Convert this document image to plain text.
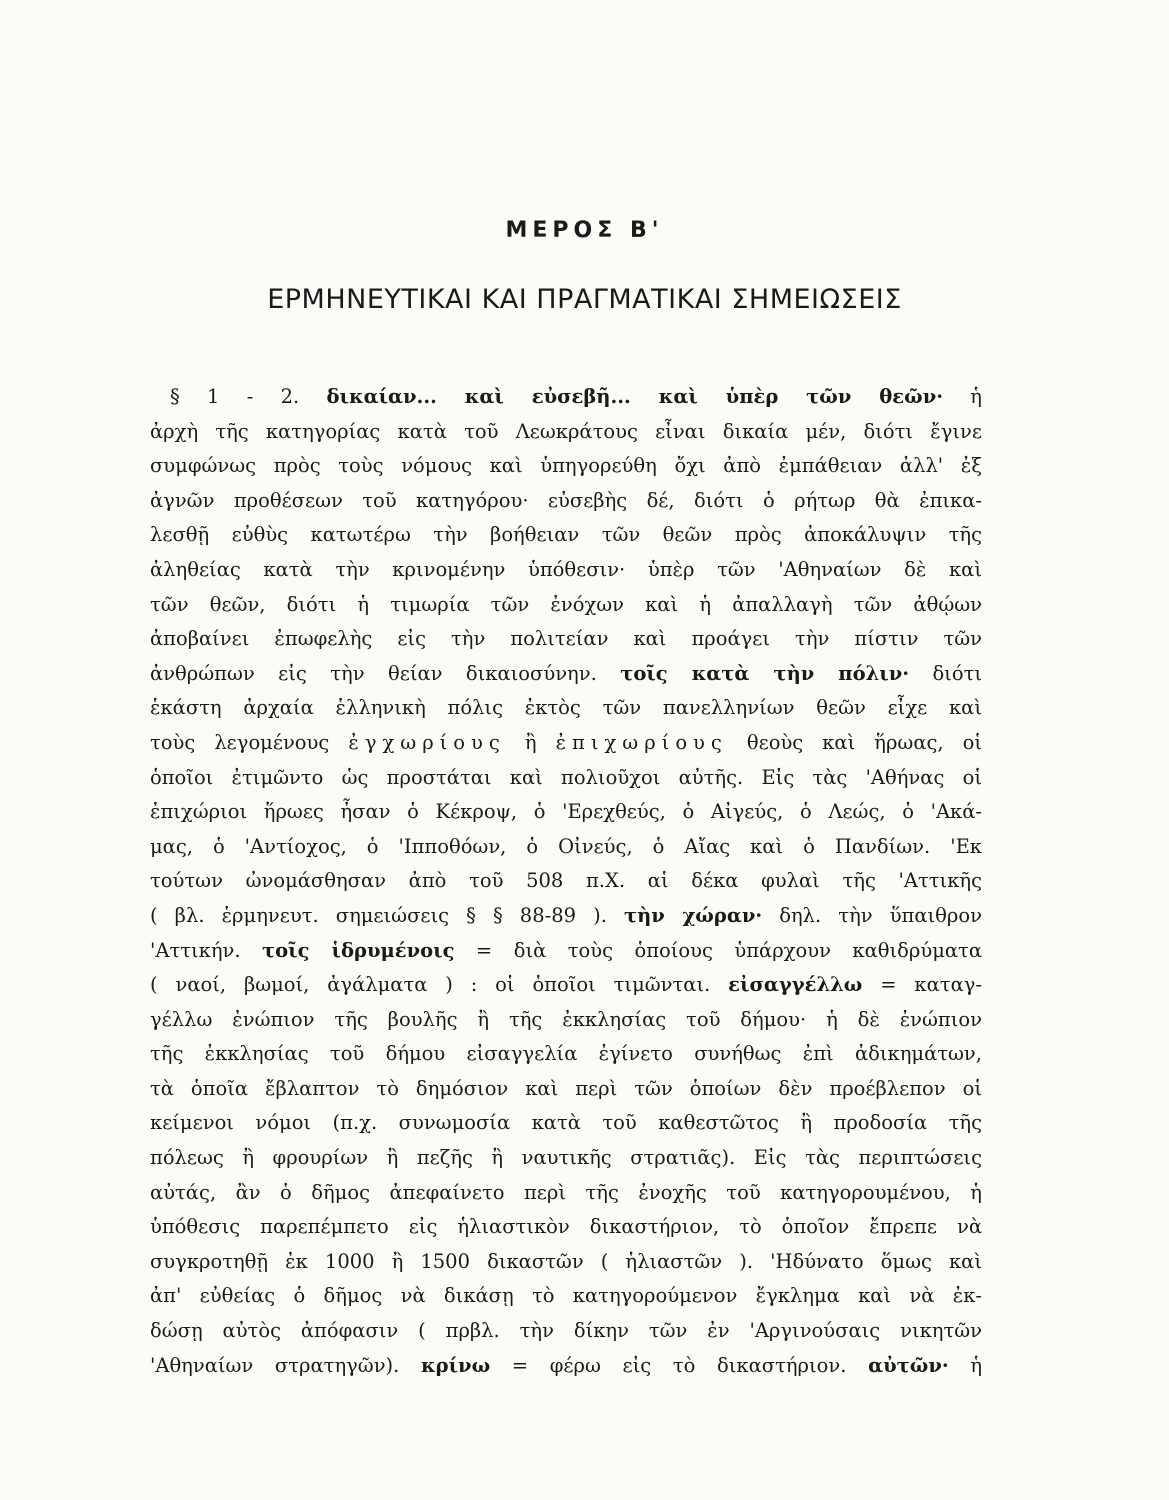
ΜΕΡΟΣ Β'
ΕΡΜΗΝΕΥΤΙΚΑΙ ΚΑΙ ΠΡΑΓΜΑΤΙΚΑΙ ΣΗΜΕΙΩΣΕΙΣ
§ 1 - 2. δικαίαν... καὶ εὐσεβῆ... καὶ ὑπὲρ τῶν θεῶν· ἡ
ἀρχὴ τῆς κατηγορίας κατὰ τοῦ Λεωκράτους εἶναι δικαία μέν, διότι ἔγινε
συμφώνως πρὸς τοὺς νόμους καὶ ὑπηγορεύθη ὄχι ἀπὸ ἐμπάθειαν ἀλλ' ἐξ
ἀγνῶν προθέσεων τοῦ κατηγόρου· εὐσεβὴς δέ, διότι ὁ ρήτωρ θὰ ἐπικα-
λεσθῇ εὐθὺς κατωτέρω τὴν βοήθειαν τῶν θεῶν πρὸς ἀποκάλυψιν τῆς
ἀληθείας κατὰ τὴν κρινομένην ὑπόθεσιν· ὑπὲρ τῶν 'Αθηναίων δὲ καὶ
τῶν θεῶν, διότι ἡ τιμωρία τῶν ἐνόχων καὶ ἡ ἀπαλλαγὴ τῶν ἀθῴων
ἀποβαίνει ἐπωφελὴς εἰς τὴν πολιτείαν καὶ προάγει τὴν πίστιν τῶν
ἀνθρώπων εἰς τὴν θείαν δικαιοσύνην. τοῖς κατὰ τὴν πόλιν· διότι
ἑκάστη ἀρχαία ἑλληνικὴ πόλις ἐκτὸς τῶν πανελληνίων θεῶν εἶχε καὶ
τοὺς λεγομένους ἐγχωρίους ἢ ἐπιχωρίους θεοὺς καὶ ἥρωας, οἱ
ὁποῖοι ἐτιμῶντο ὡς προστάται καὶ πολιοῦχοι αὐτῆς. Εἰς τὰς 'Αθήνας οἱ
ἐπιχώριοι ἥρωες ἦσαν ὁ Κέκροψ, ὁ 'Ερεχθεύς, ὁ Αἰγεύς, ὁ Λεώς, ὁ 'Ακά-
μας, ὁ 'Αντίοχος, ὁ 'Ιπποθόων, ὁ Οἰνεύς, ὁ Αἴας καὶ ὁ Πανδίων. 'Εκ
τούτων ὠνομάσθησαν ἀπὸ τοῦ 508 π.Χ. αἱ δέκα φυλαὶ τῆς 'Αττικῆς
( βλ. ἑρμηνευτ. σημειώσεις § § 88-89 ). τὴν χώραν· δηλ. τὴν ὕπαιθρον
'Αττικήν. τοῖς ἱδρυμένοις = διὰ τοὺς ὁποίους ὑπάρχουν καθιδρύματα
( ναοί, βωμοί, ἀγάλματα ) : οἱ ὁποῖοι τιμῶνται. εἰσαγγέλλω = καταγ-
γέλλω ἐνώπιον τῆς βουλῆς ἢ τῆς ἐκκλησίας τοῦ δήμου· ἡ δὲ ἐνώπιον
τῆς ἐκκλησίας τοῦ δήμου εἰσαγγελία ἐγίνετο συνήθως ἐπὶ ἀδικημάτων,
τὰ ὁποῖα ἔβλαπτον τὸ δημόσιον καὶ περὶ τῶν ὁποίων δὲν προέβλεπον οἱ
κείμενοι νόμοι (π.χ. συνωμοσία κατὰ τοῦ καθεστῶτος ἢ προδοσία τῆς
πόλεως ἢ φρουρίων ἢ πεζῆς ἢ ναυτικῆς στρατιᾶς). Εἰς τὰς περιπτώσεις
αὐτάς, ἂν ὁ δῆμος ἀπεφαίνετο περὶ τῆς ἐνοχῆς τοῦ κατηγορουμένου, ἡ
ὑπόθεσις παρεπέμπετο εἰς ἡλιαστικὸν δικαστήριον, τὸ ὁποῖον ἔπρεπε νὰ
συγκροτηθῇ ἐκ 1000 ἢ 1500 δικαστῶν ( ἡλιαστῶν ). 'Ηδύνατο ὅμως καὶ
ἀπ' εὐθείας ὁ δῆμος νὰ δικάσῃ τὸ κατηγορούμενον ἔγκλημα καὶ νὰ ἐκ-
δώσῃ αὐτὸς ἀπόφασιν ( πρβλ. τὴν δίκην τῶν ἐν 'Αργινούσαις νικητῶν
'Αθηναίων στρατηγῶν). κρίνω = φέρω εἰς τὸ δικαστήριον. αὐτῶν· ἡ
